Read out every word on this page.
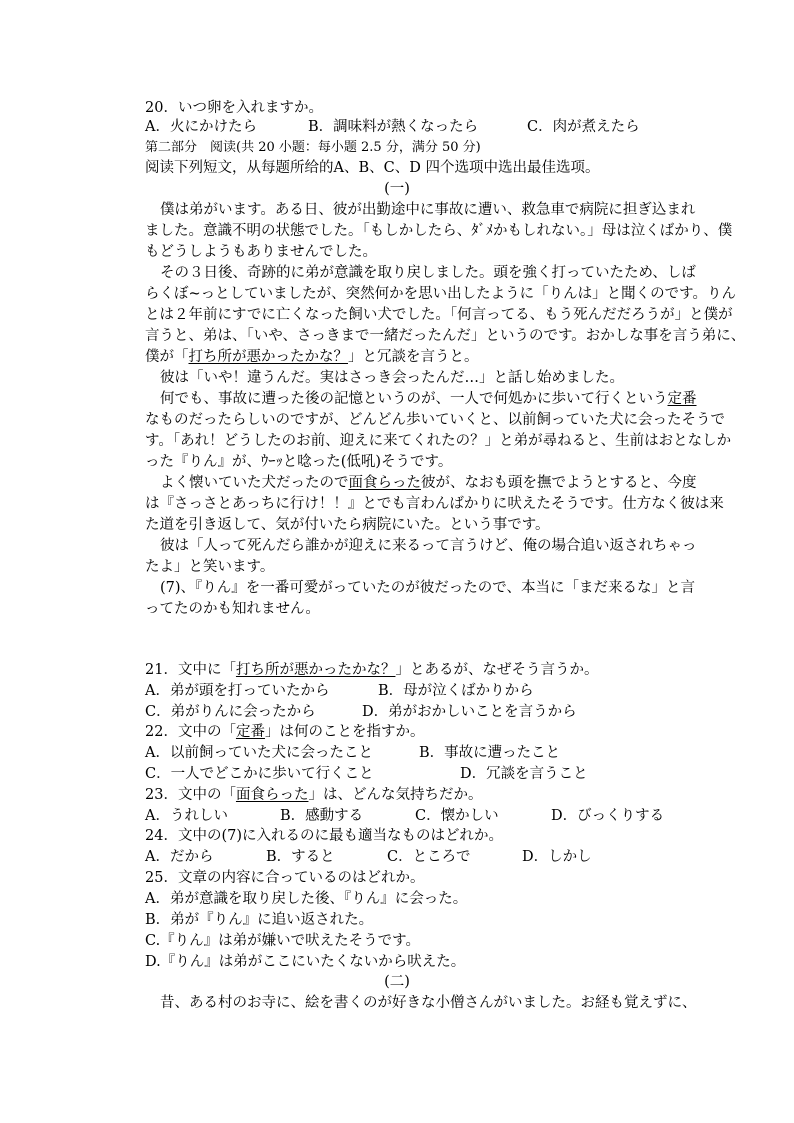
20．いつ卵を入れますか。
A．火にかけたら	B．調味料が熱くなったら	C．肉が煮えたら
第二部分　阅读(共 20 小题：每小题 2.5 分，满分 50 分)
阅读下列短文，从每题所给的A、B、C、D 四个选项中选出最佳选项。
(一)
僕は弟がいます。ある日、彼が出勤途中に事故に遭い、救急車で病院に担ぎ込まれ
ました。意識不明の状態でした。「もしかしたら、ﾀﾞﾒかもしれない。」母は泣くばかり、僕
もどうしようもありませんでした。
その３日後、奇跡的に弟が意識を取り戻しました。頭を強く打っていたため、しば
らくぼ~っとしていましたが、突然何かを思い出したように「りんは」と聞くのです。りん
とは２年前にすでに亡くなった飼い犬でした。「何言ってる、もう死んだだろうが」と僕が
言うと、弟は、「いや、さっきまで一緒だったんだ」というのです。おかしな事を言う弟に、
僕が「打ち所が悪かったかな？」と冗談を言うと。
彼は「いや！違うんだ。実はさっき会ったんだ…」と話し始めました。
何でも、事故に遭った後の記憶というのが、一人で何処かに歩いて行くという定番
なものだったらしいのですが、どんどん歩いていくと、以前飼っていた犬に会ったそうで
す。「あれ！どうしたのお前、迎えに来てくれたの？」と弟が尋ねると、生前はおとなしか
った『りん』が、ｳｰｯと唸った(低吼)そうです。
よく懐いていた犬だったので面食らった彼が、なおも頭を撫でようとすると、今度
は『さっさとあっちに行け！！』とでも言わんばかりに吠えたそうです。仕方なく彼は来
た道を引き返して、気が付いたら病院にいた。という事です。
彼は「人って死んだら誰かが迎えに来るって言うけど、俺の場合追い返されちゃっ
たよ」と笑います。
(7)、『りん』を一番可愛がっていたのが彼だったので、本当に「まだ来るな」と言
ってたのかも知れません。
21．文中に「打ち所が悪かったかな？」とあるが、なぜそう言うか。
A．弟が頭を打っていたから	B．母が泣くばかりから
C．弟がりんに会ったから	D．弟がおかしいことを言うから
22．文中の「定番」は何のことを指すか。
A．以前飼っていた犬に会ったこと	B．事故に遭ったこと
C．一人でどこかに歩いて行くこと	D．冗談を言うこと
23．文中の「面食らった」は、どんな気持ちだか。
A．うれしい	B．感動する	C．懐かしい	D．びっくりする
24．文中の(7)に入れるのに最も適当なものはどれか。
A．だから	B．すると	C．ところで	D．しかし
25．文章の内容に合っているのはどれか。
A．弟が意識を取り戻した後、『りん』に会った。
B．弟が『りん』に追い返された。
C.『りん』は弟が嫌いで吠えたそうです。
D.『りん』は弟がここにいたくないから吠えた。
(二)
昔、ある村のお寺に、絵を書くのが好きな小僧さんがいました。お経も覚えずに、
